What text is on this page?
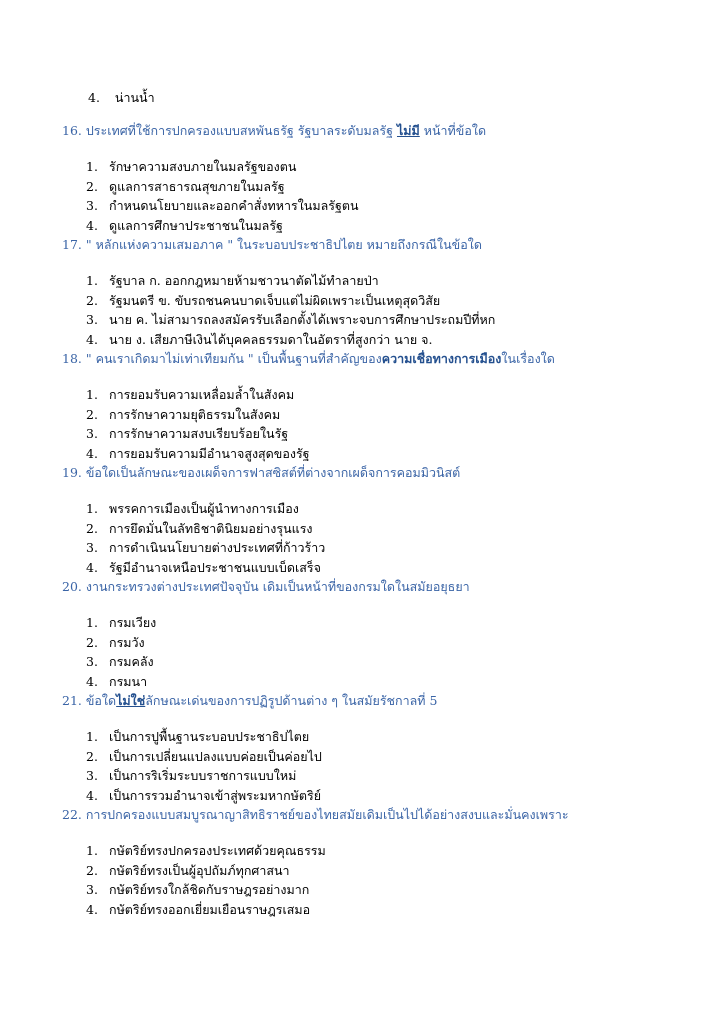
4. น่านน้ำ
16. ประเทศที่ใช้การปกครองแบบสหพันธรัฐ รัฐบาลระดับมลรัฐ ไม่มี หน้าที่ข้อใด
1. รักษาความสงบภายในมลรัฐของตน
2. ดูแลการสาธารณสุขภายในมลรัฐ
3. กำหนดนโยบายและออกคำสั่งทหารในมลรัฐตน
4. ดูแลการศึกษาประชาชนในมลรัฐ
17. " หลักแห่งความเสมอภาค " ในระบอบประชาธิปไตย หมายถึงกรณีในข้อใด
1. รัฐบาล ก. ออกกฎหมายห้ามชาวนาตัดไม้ทำลายป่า
2. รัฐมนตรี ข. ขับรถชนคนบาดเจ็บแต่ไม่ผิดเพราะเป็นเหตุสุดวิสัย
3. นาย ค. ไม่สามารถลงสมัครรับเลือกตั้งได้เพราะจบการศึกษาประถมปีที่หก
4. นาย ง. เสียภาษีเงินได้บุคคลธรรมดาในอัตราที่สูงกว่า นาย จ.
18. " คนเราเกิดมาไม่เท่าเทียมกัน " เป็นพื้นฐานที่สำคัญของความเชื่อทางการเมืองในเรื่องใด
1. การยอมรับความเหลื่อมล้ำในสังคม
2. การรักษาความยุติธรรมในสังคม
3. การรักษาความสงบเรียบร้อยในรัฐ
4. การยอมรับความมีอำนาจสูงสุดของรัฐ
19. ข้อใดเป็นลักษณะของเผด็จการฟาสซิสต์ที่ต่างจากเผด็จการคอมมิวนิสต์
1. พรรคการเมืองเป็นผู้นำทางการเมือง
2. การยึดมั่นในลัทธิชาตินิยมอย่างรุนแรง
3. การดำเนินนโยบายต่างประเทศที่ก้าวร้าว
4. รัฐมีอำนาจเหนือประชาชนแบบเบ็ดเสร็จ
20. งานกระทรวงต่างประเทศปัจจุบัน เดิมเป็นหน้าที่ของกรมใดในสมัยอยุธยา
1. กรมเวียง
2. กรมวัง
3. กรมคลัง
4. กรมนา
21. ข้อใดไม่ใช่ลักษณะเด่นของการปฏิรูปด้านต่าง ๆ ในสมัยรัชกาลที่ 5
1. เป็นการปูพื้นฐานระบอบประชาธิปไตย
2. เป็นการเปลี่ยนแปลงแบบค่อยเป็นค่อยไป
3. เป็นการริเริ่มระบบราชการแบบใหม่
4. เป็นการรวมอำนาจเข้าสู่พระมหากษัตริย์
22. การปกครองแบบสมบูรณาญาสิทธิราชย์ของไทยสมัยเดิมเป็นไปได้อย่างสงบและมั่นคงเพราะ
1. กษัตริย์ทรงปกครองประเทศด้วยคุณธรรม
2. กษัตริย์ทรงเป็นผู้อุปถัมภ์ทุกศาสนา
3. กษัตริย์ทรงใกล้ชิดกับราษฎรอย่างมาก
4. กษัตริย์ทรงออกเยี่ยมเยือนราษฎรเสมอ
